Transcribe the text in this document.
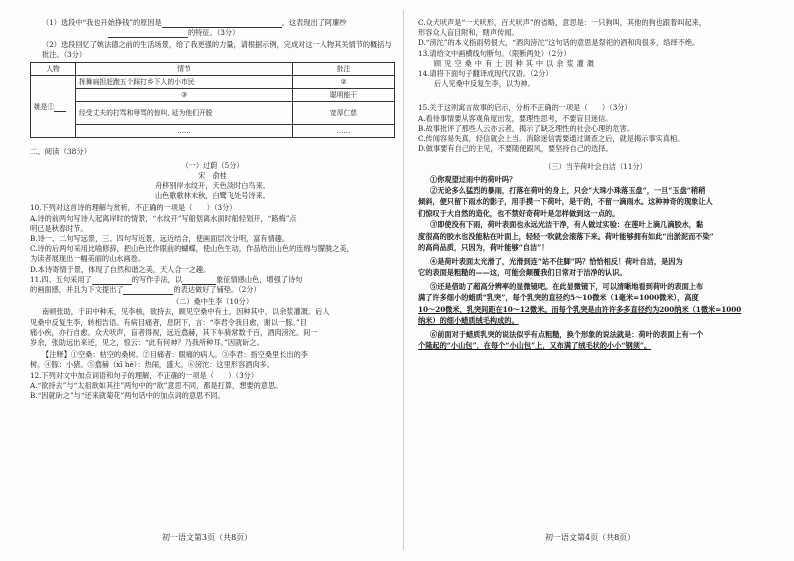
（1）选段中“我也开始挣钱”的原因是	，这表现出了阿廉纱

的特征。（3分）

（2）选段回忆了姚法德之前的生活场景，给了我更强的力量，请根据示例，完成对这一人物其关情节的概括与批注。（3分）

人物	情节	批注
姚是①	挥舞扁担赶跑五个踩打乡下人的小市民	②
	③	聪明能干
	经受丈夫的打骂和辱骂的惊叫, 延为他们开脱	宽厚仁慈
	……	……

二、阅读（38分）

（一）过蔚（5分）

宋　俞桂

舟移别岸水纹开，天色淡时白鸟来。

山色歌歌林未秋，白鹭飞处号诗来。

10.下列对这首诗的理解与赏析，不正确的一项是（　　）（3分）

A.诗的前两句写诗人起离岸时的情景，“水纹开”写船划离水面时船轻划开，“路梅”点

明已是秋春时节。

B.诗一、二句写远景，三、四句写近景，远近结合，使画面层次分明，富有情趣。

C.诗的后两句采用比喻修辞，把山色比作眼前的蝴蝶，使山色生动，作品给出山色的连绵与朦胧之美，

为读者展现出一幅美丽的山水画卷。

D.本诗寄情于景，体现了自然和谐之美，天人合一之趣。

11.四、五句采用了	的写作手法，以	象征情感山色，增强了诗句

的画面感，并且为下文提出了	的表达做好了铺垫。（2分）

（二）桑中生李（10分）

南顿张助，于田中种禾，见李核，欲持去，顾见空桑中有土，因种其中，以余浆灌溉。后人

见桑中反复生李，转相告语。有病目痛者，息阴下，言：“李君令我目愈，谢以一豚。”目

痛小疾，亦行自愈。众犬吠声，盲者得视，远近翕赫，其下车骑常数千百，酒肉滂沱。间一

岁余，张助远出来还，见之，惊云：“此有何神？乃我所种耳。”因就斫之。

【注释】①空桑：枯空的桑树。②目痛者：眼痛的病人。③李君：指空桑里长出的李

树。④豚：小猪。⑤翕赫（xī hè）：热闹，盛大。⑥滂沱：这里形容酒肉多。

12.下列对文中加点词语和句子的理解，不正确的一项是（　　）（3分）

A.“欲持去”与“太祖欲如其往”两句中的“欲”意思不同，都是打算，想要的意思。

B.“因就斫之”与“还来就菊花”两句话中的加点词的意思不同。

初一语文第3页（共8页）

C.众犬吠声是“一犬吠形，百犬吠声”的省略，意思是：一只狗叫，其他的狗也跟着叫起来，

形容众人盲目附和，瞎声传闻。

D.“滂沱”的本义指雨势很大，“酒肉滂沱”这句话的意思是祭祀的酒和肉很多，络绎不绝。

13.请给文中画横线句断句。（限断两处）（2分）

顾见空桑中有土因种其中以余浆灌溉

14.请将下面句子翻译成现代汉语。（2分）

后人见桑中反复生李，以为神。

15.关于这则寓言故事的启示，分析不正确的一项是（　　）（3分）

A.看待事情要从客观角度出发，要理性思考，不要盲目迷信。

B.故事批评了那些人云亦云者，揭示了缺乏理性的社会心理的危害。

C.传闻容易失真，轻信就会上当。消除迷信需要通过调查之后，就是揭示事实真相。

D.做事要有自己的主见，不要随便跟风，要坚持自己的选择。

（三）当芋荷叶会自洁（11分）

①你观望过雨中的荷叶吗？

②无论多么猛烈的暴雨，打落在荷叶的身上，只会“大珠小珠落玉盘”，一旦“玉盘”稍稍

倾斜，便只留下雨水的影子，用手摸一下荷叶，是干的，不留一滴雨水。这种神奇的现象让人

们惊叹于大自然的造化，也不禁好奇荷叶是怎样做到这一点的。

③即使没有下雨，荷叶表面也永远光洁干净，有人做过实验：在莲叶上滴几滴胶水，黏

度很高的胶水也没能粘在叶面上，轻轻一吹就会滚落下来。荷叶能够拥有如此“出淤泥而不染”

的高尚品质，只因为，荷叶能够“自洁”！

④是荷叶表面太光滑了，光滑到连“站不住脚”吗？恰恰相反！荷叶自洁，是因为

它的表面是粗糙的——这，可能会颠覆我们日常对于洁净的认识。

⑤还是借助了超高分辨率的显微镜吧。在此显微镜下，可以清晰地看到荷叶的表面上布

满了许多细小的蜡质“乳突”，每个乳突的直径约5～10微米（1毫米=1000微米），高度

10～20微米，乳突间距在10～12微米。而每个乳突是由许许多多直径约为200纳米（1微米=1000

纳米）的细小蜡质绒毛构成的。

⑥前面对于蜡质乳突的说法似乎有点粗糙，换个形象的说法就是：荷叶的表面上有一个

个隆起的“小山包”，在每个“小山包”上，又布满了绒毛状的小小“钢须”。

初一语文第4页（共8页）
